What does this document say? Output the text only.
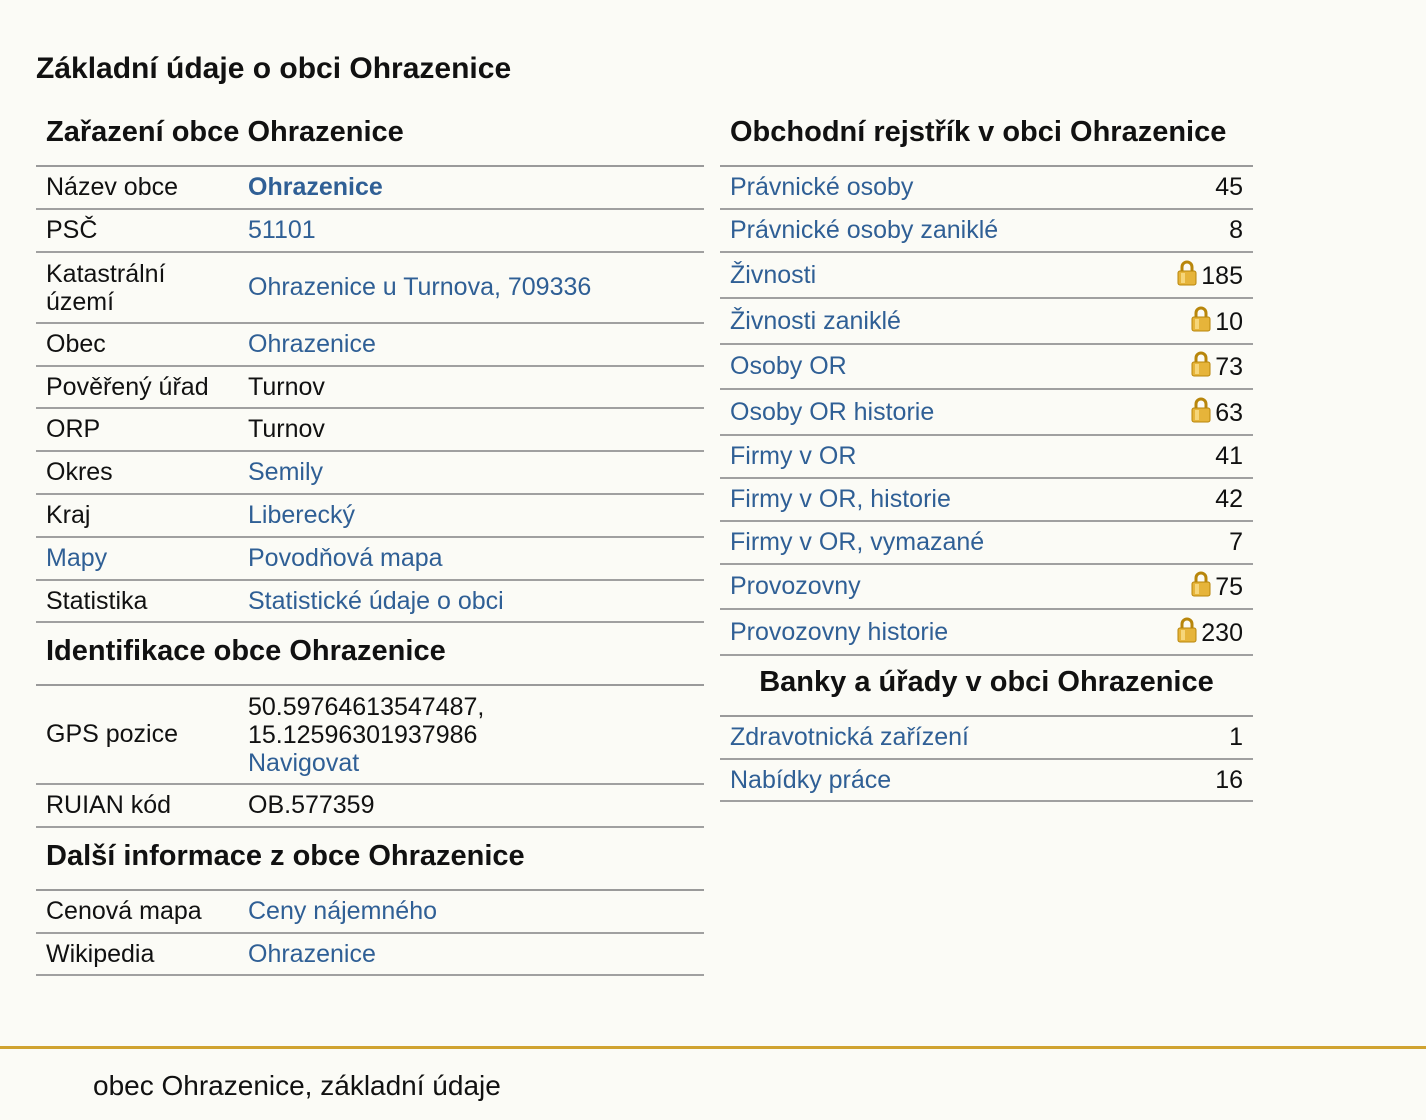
Základní údaje o obci Ohrazenice
Zařazení obce Ohrazenice
Název obce	Ohrazenice
PSČ	51101
Katastrální území	Ohrazenice u Turnova, 709336
Obec	Ohrazenice
Pověřený úřad	Turnov
ORP	Turnov
Okres	Semily
Kraj	Liberecký
Mapy	Povodňová mapa
Statistika	Statistické údaje o obci
Identifikace obce Ohrazenice
GPS pozice	50.59764613547487,
15.12596301937986
Navigovat
RUIAN kód	OB.577359
Další informace z obce Ohrazenice
Cenová mapa	Ceny nájemného
Wikipedia	Ohrazenice
Obchodní rejstřík v obci Ohrazenice
Právnické osoby	45
Právnické osoby zaniklé	8
Živnosti	185
Živnosti zaniklé	10
Osoby OR	73
Osoby OR historie	63
Firmy v OR	41
Firmy v OR, historie	42
Firmy v OR, vymazané	7
Provozovny	75
Provozovny historie	230
Banky a úřady v obci Ohrazenice
Zdravotnická zařízení	1
Nabídky práce	16
obec Ohrazenice, základní údaje
